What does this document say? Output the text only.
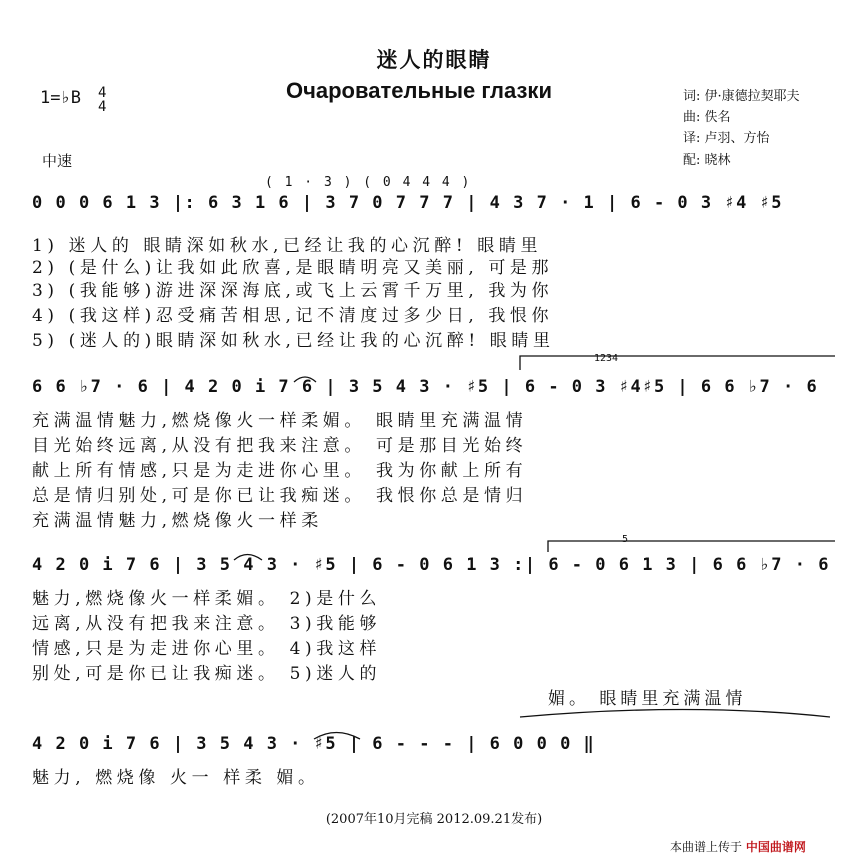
迷人的眼睛
Очаровательные глазки
1=♭B 4
4
中速
词: 伊·康德拉契耶夫
曲: 佚名
译: 卢羽、方怡
配: 晓林
( 1 · 3 ) ( 0 4 4 4 )
0 0 0 6 1 3 |: 6 3 1 6 | 3 7 0 7 7 7 | 4 3 7 · 1 | 6 - 0 3 ♯4 ♯5
1) 迷人的 眼睛深如秋水,已经让我的心沉醉! 眼睛里
2) (是什么)让我如此欣喜,是眼睛明亮又美丽, 可是那
3) (我能够)游进深深海底,或飞上云霄千万里, 我为你
4) (我这样)忍受痛苦相思,记不清度过多少日, 我恨你
5) (迷人的)眼睛深如秋水,已经让我的心沉醉! 眼睛里
1234
6 6 ♭7 · 6 | 4 2 0 i 7 6 | 3 5 4 3 · ♯5 | 6 - 0 3 ♯4♯5 | 6 6 ♭7 · 6
充满温情魅力,燃烧像火一样柔媚。 眼睛里充满温情
目光始终远离,从没有把我来注意。 可是那目光始终
献上所有情感,只是为走进你心里。 我为你献上所有
总是情归别处,可是你已让我痴迷。 我恨你总是情归
充满温情魅力,燃烧像火一样柔
5
4 2 0 i 7 6 | 3 5 4 3 · ♯5 | 6 - 0 6 1 3 :| 6 - 0 6 1 3 | 6 6 ♭7 · 6
魅力,燃烧像火一样柔媚。 2)是什么
远离,从没有把我来注意。 3)我能够
情感,只是为走进你心里。 4)我这样
别处,可是你已让我痴迷。 5)迷人的
媚。 眼睛里充满温情
4 2 0 i 7 6 | 3 5 4 3 · ♯5 | 6 - - - | 6 0 0 0 ‖
魅力, 燃烧像 火一 样柔 媚。
(2007年10月完稿 2012.09.21发布)
本曲谱上传于 中国曲谱网
